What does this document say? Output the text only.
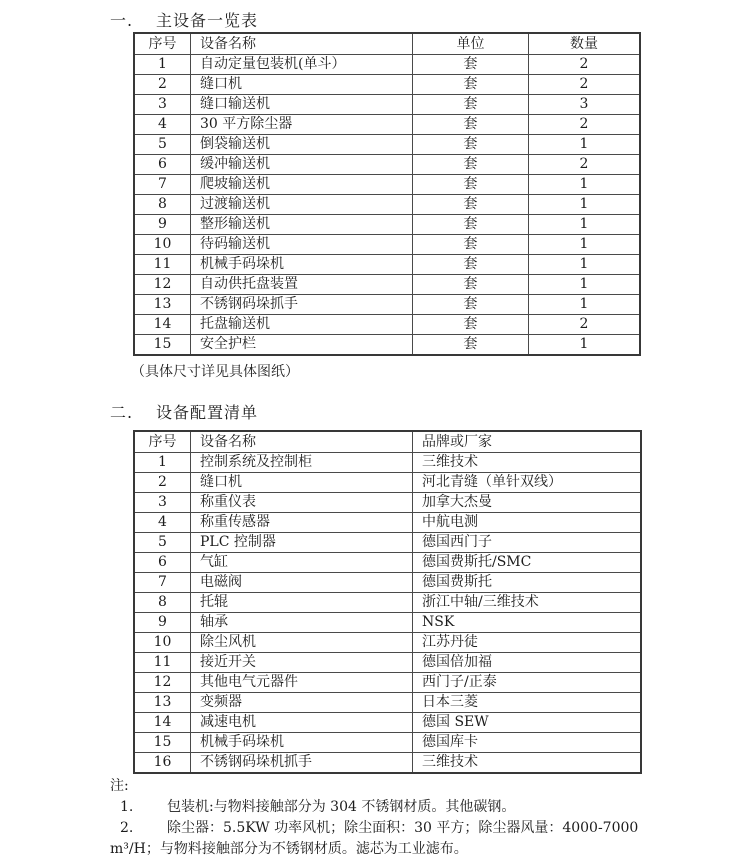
一. 主设备一览表
序号	设备名称	单位	数量
1	自动定量包装机(单斗）	套	2
2	缝口机	套	2
3	缝口输送机	套	3
4	30 平方除尘器	套	2
5	倒袋输送机	套	1
6	缓冲输送机	套	2
7	爬坡输送机	套	1
8	过渡输送机	套	1
9	整形输送机	套	1
10	待码输送机	套	1
11	机械手码垛机	套	1
12	自动供托盘装置	套	1
13	不锈钢码垛抓手	套	1
14	托盘输送机	套	2
15	安全护栏	套	1
（具体尺寸详见具体图纸）
二. 设备配置清单
序号	设备名称	品牌或厂家
1	控制系统及控制柜	三维技术
2	缝口机	河北青缝（单针双线）
3	称重仪表	加拿大杰曼
4	称重传感器	中航电测
5	PLC 控制器	德国西门子
6	气缸	德国费斯托/SMC
7	电磁阀	德国费斯托
8	托辊	浙江中轴/三维技术
9	轴承	NSK
10	除尘风机	江苏丹徒
11	接近开关	德国倍加福
12	其他电气元器件	西门子/正泰
13	变频器	日本三菱
14	减速电机	德国 SEW
15	机械手码垛机	德国库卡
16	不锈钢码垛机抓手	三维技术
注:
1. 包装机:与物料接触部分为 304 不锈钢材质。其他碳钢。
2. 除尘器：5.5KW 功率风机；除尘面积：30 平方；除尘器风量：4000-7000
m³/H；与物料接触部分为不锈钢材质。滤芯为工业滤布。
